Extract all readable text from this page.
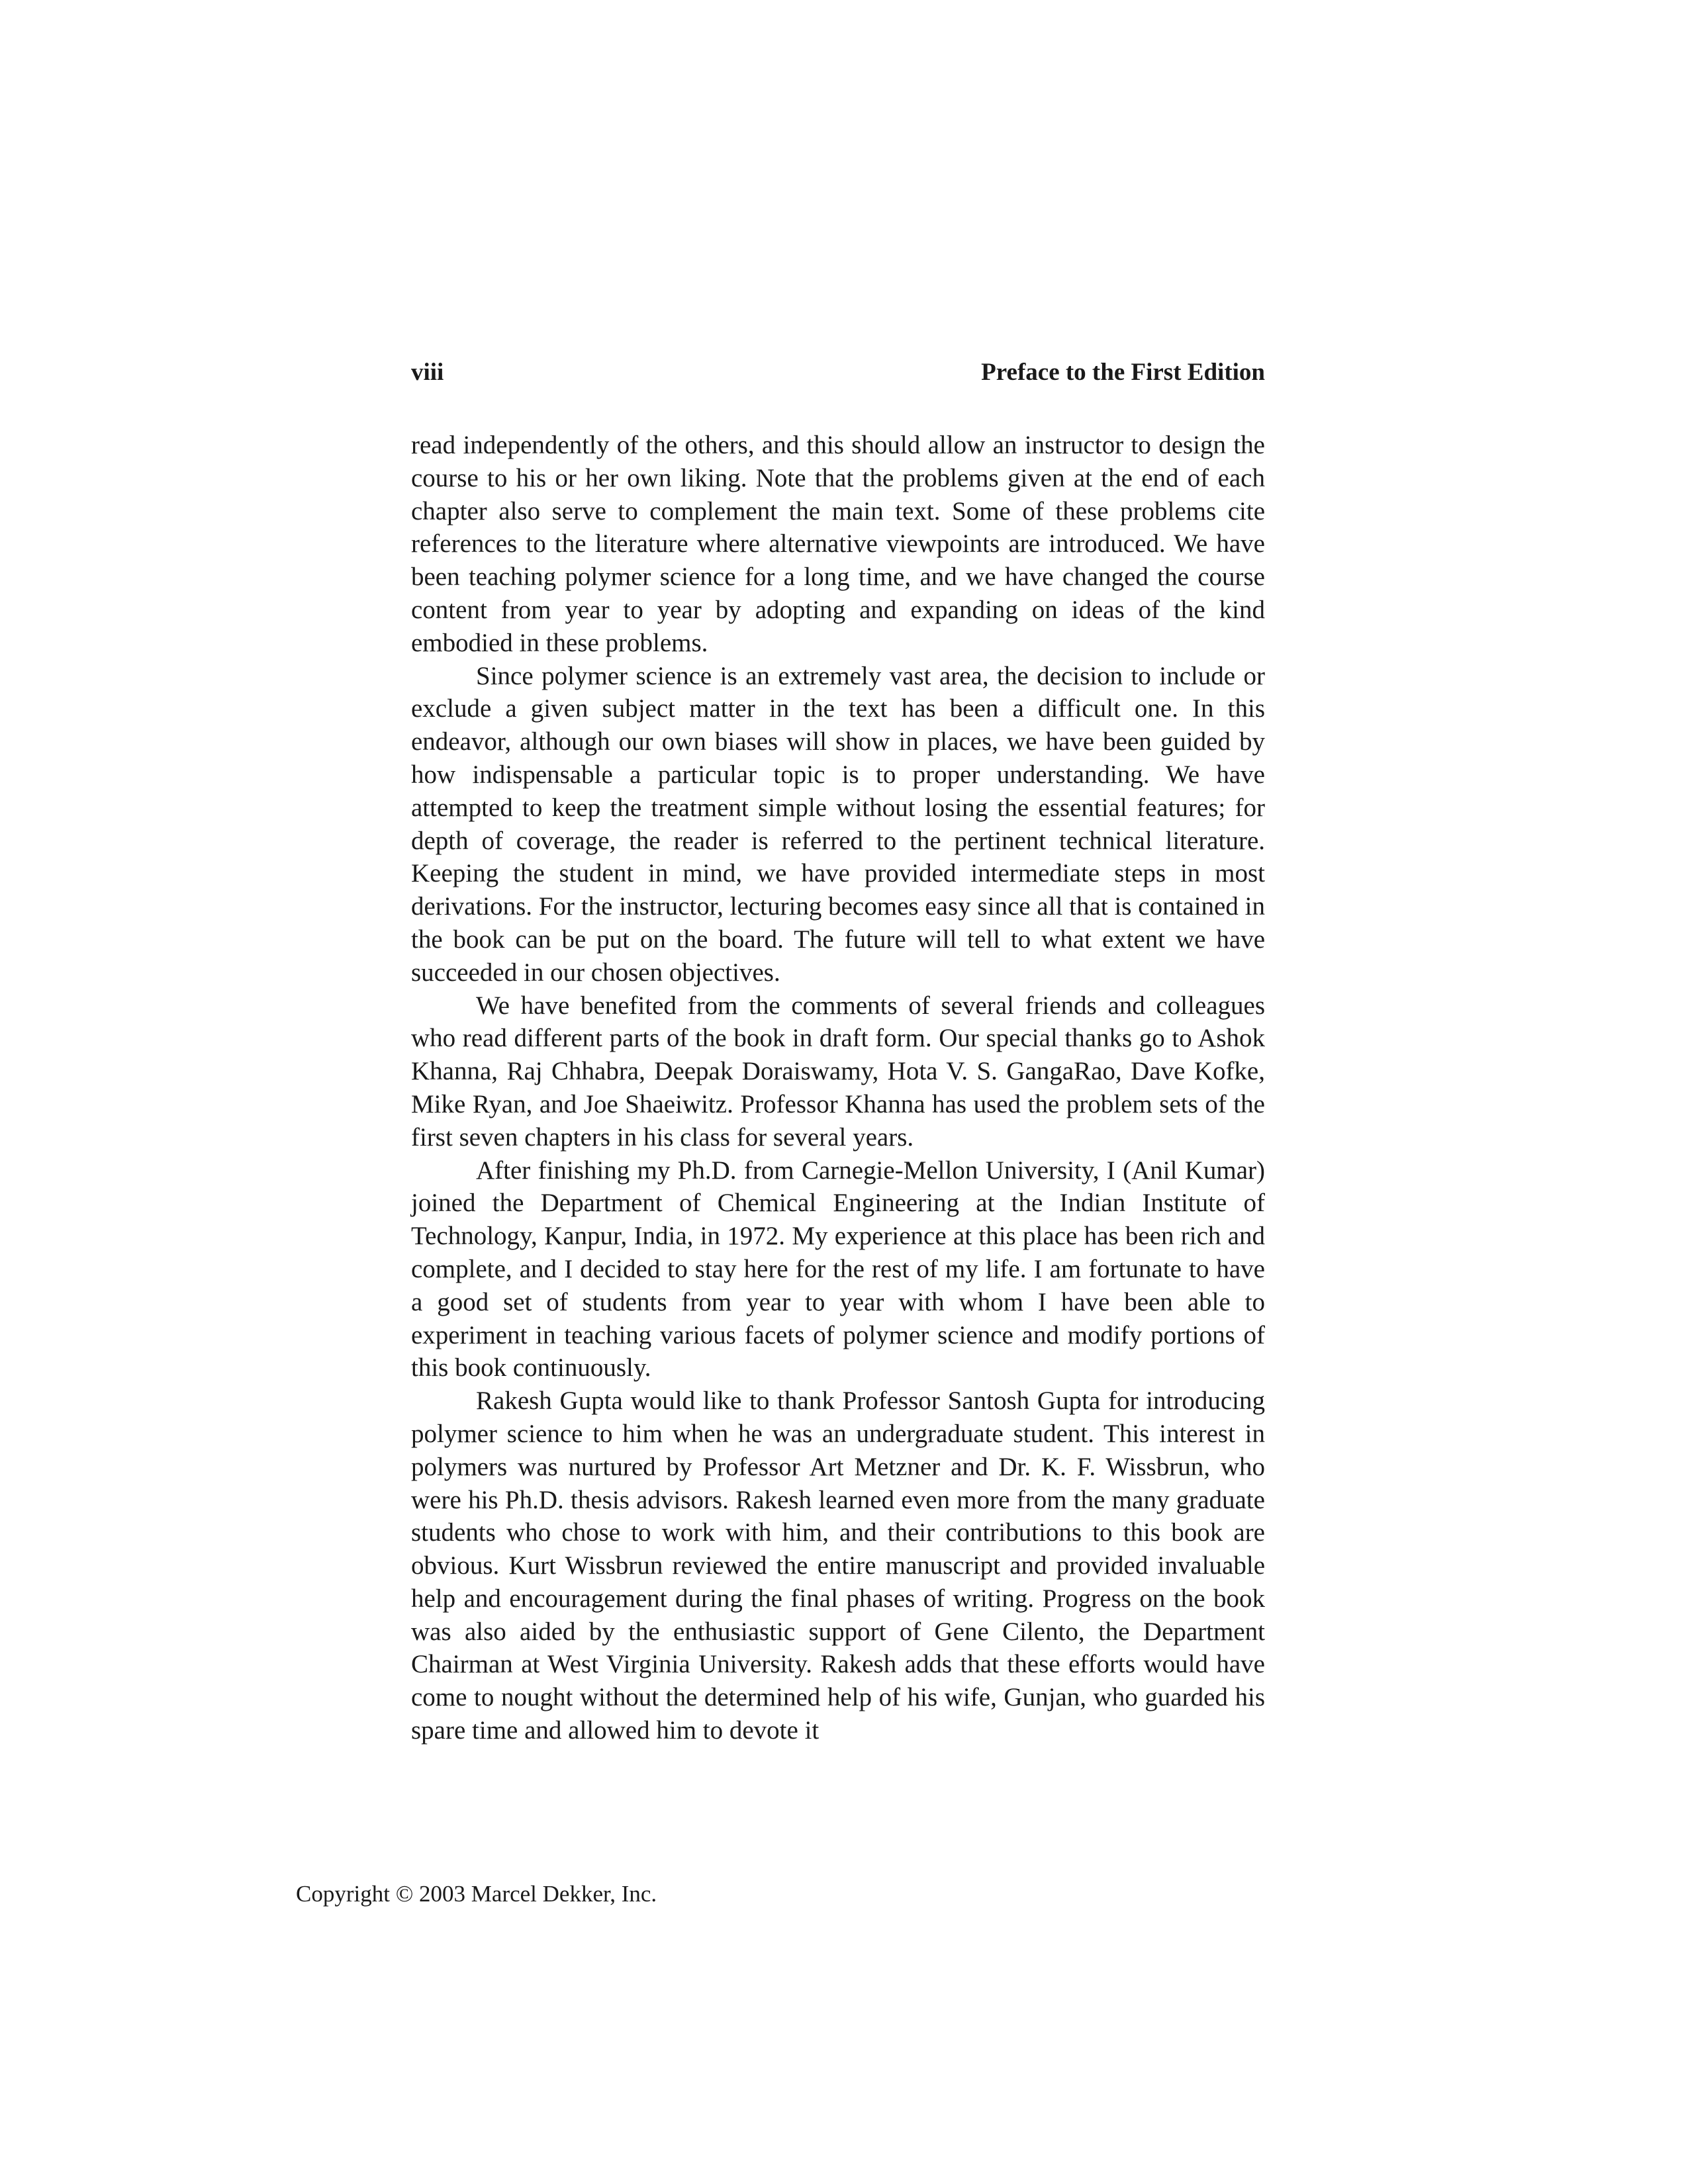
viii	Preface to the First Edition

read independently of the others, and this should allow an instructor to design the course to his or her own liking. Note that the problems given at the end of each chapter also serve to complement the main text. Some of these problems cite references to the literature where alternative viewpoints are introduced. We have been teaching polymer science for a long time, and we have changed the course content from year to year by adopting and expanding on ideas of the kind embodied in these problems.

Since polymer science is an extremely vast area, the decision to include or exclude a given subject matter in the text has been a difficult one. In this endeavor, although our own biases will show in places, we have been guided by how indispensable a particular topic is to proper understanding. We have attempted to keep the treatment simple without losing the essential features; for depth of coverage, the reader is referred to the pertinent technical literature. Keeping the student in mind, we have provided intermediate steps in most derivations. For the instructor, lecturing becomes easy since all that is contained in the book can be put on the board. The future will tell to what extent we have succeeded in our chosen objectives.

We have benefited from the comments of several friends and colleagues who read different parts of the book in draft form. Our special thanks go to Ashok Khanna, Raj Chhabra, Deepak Doraiswamy, Hota V. S. GangaRao, Dave Kofke, Mike Ryan, and Joe Shaeiwitz. Professor Khanna has used the problem sets of the first seven chapters in his class for several years.

After finishing my Ph.D. from Carnegie-Mellon University, I (Anil Kumar) joined the Department of Chemical Engineering at the Indian Institute of Technology, Kanpur, India, in 1972. My experience at this place has been rich and complete, and I decided to stay here for the rest of my life. I am fortunate to have a good set of students from year to year with whom I have been able to experiment in teaching various facets of polymer science and modify portions of this book continuously.

Rakesh Gupta would like to thank Professor Santosh Gupta for introducing polymer science to him when he was an undergraduate student. This interest in polymers was nurtured by Professor Art Metzner and Dr. K. F. Wissbrun, who were his Ph.D. thesis advisors. Rakesh learned even more from the many graduate students who chose to work with him, and their contributions to this book are obvious. Kurt Wissbrun reviewed the entire manuscript and provided invaluable help and encouragement during the final phases of writing. Progress on the book was also aided by the enthusiastic support of Gene Cilento, the Department Chairman at West Virginia University. Rakesh adds that these efforts would have come to nought without the determined help of his wife, Gunjan, who guarded his spare time and allowed him to devote it

Copyright © 2003 Marcel Dekker, Inc.
